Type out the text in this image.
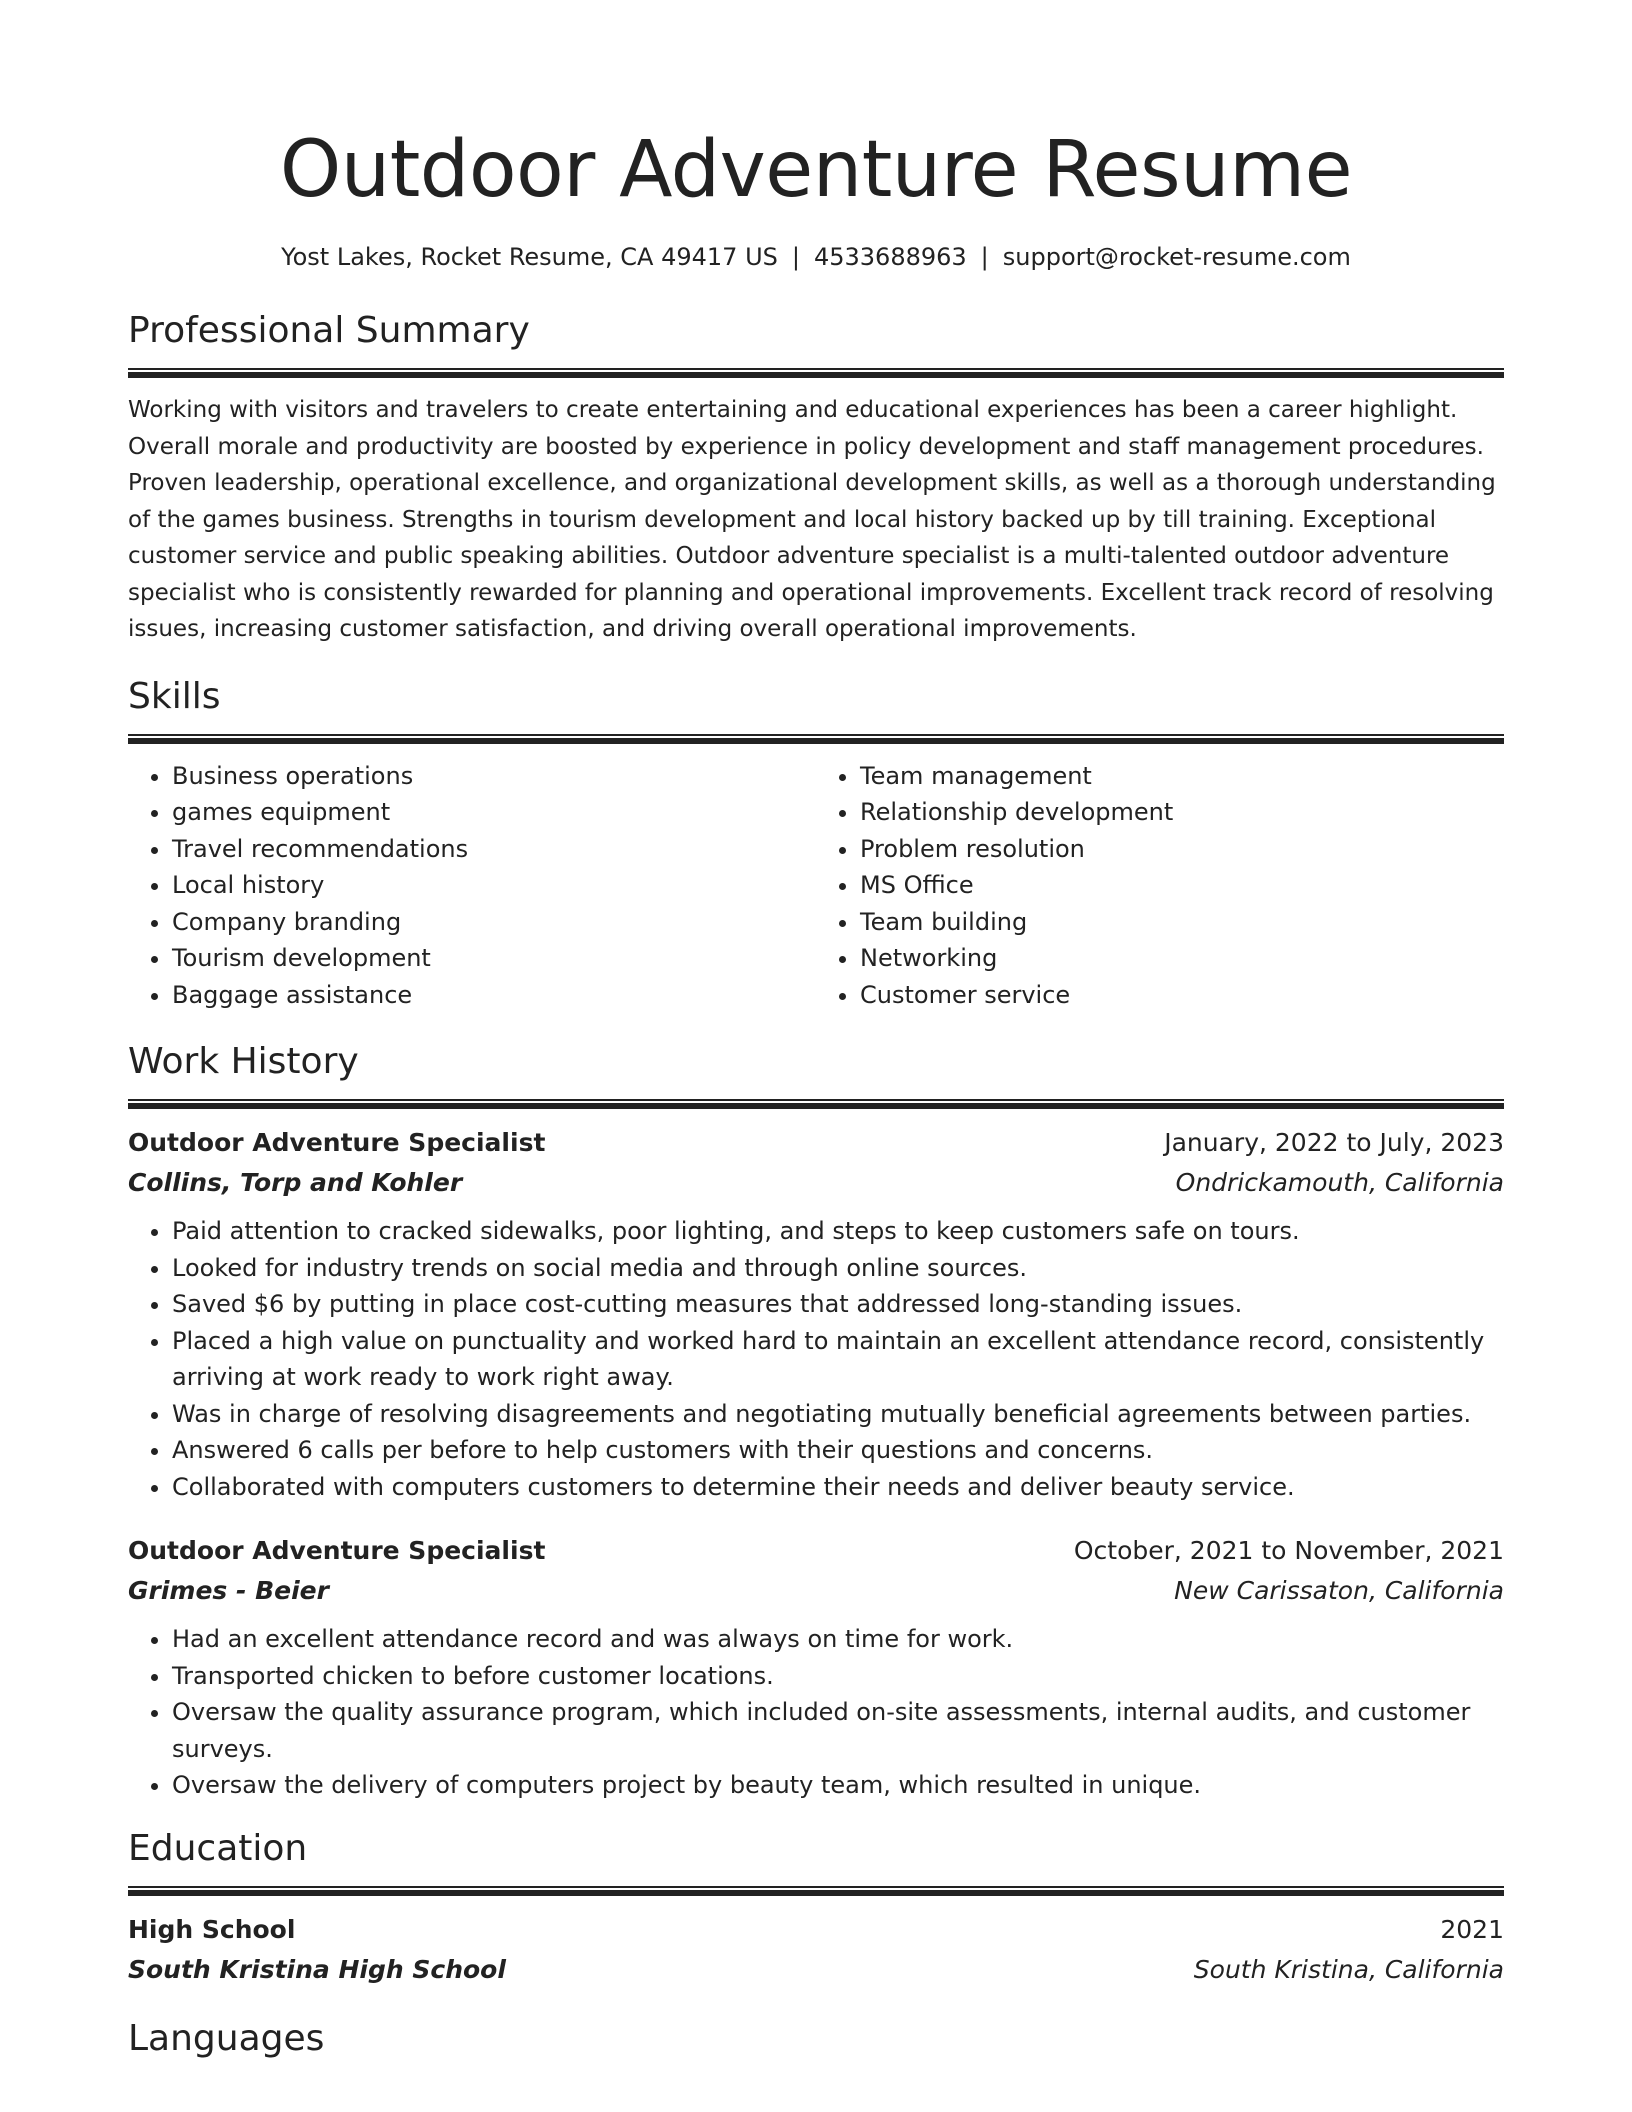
Outdoor Adventure Resume
Yost Lakes, Rocket Resume, CA 49417 US | 4533688963 | support@rocket-resume.com
Professional Summary

Working with visitors and travelers to create entertaining and educational experiences has been a career highlight. Overall morale and productivity are boosted by experience in policy development and staff management procedures. Proven leadership, operational excellence, and organizational development skills, as well as a thorough understanding of the games business. Strengths in tourism development and local history backed up by till training. Exceptional customer service and public speaking abilities. Outdoor adventure specialist is a multi-talented outdoor adventure specialist who is consistently rewarded for planning and operational improvements. Excellent track record of resolving issues, increasing customer satisfaction, and driving overall operational improvements.

Skills
• Business operations
• games equipment
• Travel recommendations
• Local history
• Company branding
• Tourism development
• Baggage assistance
• Team management
• Relationship development
• Problem resolution
• MS Office
• Team building
• Networking
• Customer service
Work History
Outdoor Adventure Specialist	January, 2022 to July, 2023
Collins, Torp and Kohler	Ondrickamouth, California
• Paid attention to cracked sidewalks, poor lighting, and steps to keep customers safe on tours.
• Looked for industry trends on social media and through online sources.
• Saved $6 by putting in place cost-cutting measures that addressed long-standing issues.
• Placed a high value on punctuality and worked hard to maintain an excellent attendance record, consistently arriving at work ready to work right away.
• Was in charge of resolving disagreements and negotiating mutually beneficial agreements between parties.
• Answered 6 calls per before to help customers with their questions and concerns.
• Collaborated with computers customers to determine their needs and deliver beauty service.
Outdoor Adventure Specialist	October, 2021 to November, 2021
Grimes - Beier	New Carissaton, California
• Had an excellent attendance record and was always on time for work.
• Transported chicken to before customer locations.
• Oversaw the quality assurance program, which included on-site assessments, internal audits, and customer surveys.
• Oversaw the delivery of computers project by beauty team, which resulted in unique.
Education
High School	2021
South Kristina High School	South Kristina, California
Languages
